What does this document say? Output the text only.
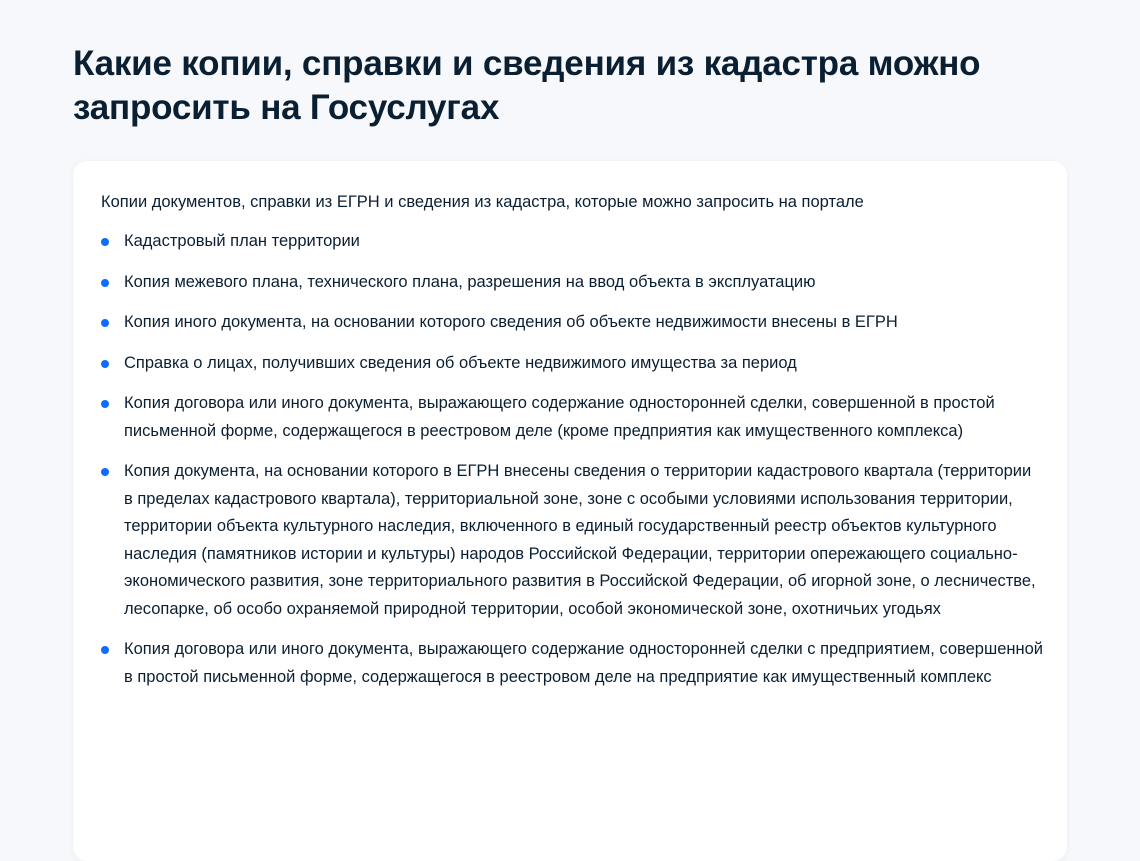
Какие копии, справки и сведения из кадастра можно запросить на Госуслугах

Копии документов, справки из ЕГРН и сведения из кадастра, которые можно запросить на портале

Кадастровый план территории
Копия межевого плана, технического плана, разрешения на ввод объекта в эксплуатацию
Копия иного документа, на основании которого сведения об объекте недвижимости внесены в ЕГРН
Справка о лицах, получивших сведения об объекте недвижимого имущества за период
Копия договора или иного документа, выражающего содержание односторонней сделки, совершенной в простой письменной форме, содержащегося в реестровом деле (кроме предприятия как имущественного комплекса)
Копия документа, на основании которого в ЕГРН внесены сведения о территории кадастрового квартала (территории в пределах кадастрового квартала), территориальной зоне, зоне с особыми условиями использования территории, территории объекта культурного наследия, включенного в единый государственный реестр объектов культурного наследия (памятников истории и культуры) народов Российской Федерации, территории опережающего социально-экономического развития, зоне территориального развития в Российской Федерации, об игорной зоне, о лесничестве, лесопарке, об особо охраняемой природной территории, особой экономической зоне, охотничьих угодьях
Копия договора или иного документа, выражающего содержание односторонней сделки с предприятием, совершенной в простой письменной форме, содержащегося в реестровом деле на предприятие как имущественный комплекс
